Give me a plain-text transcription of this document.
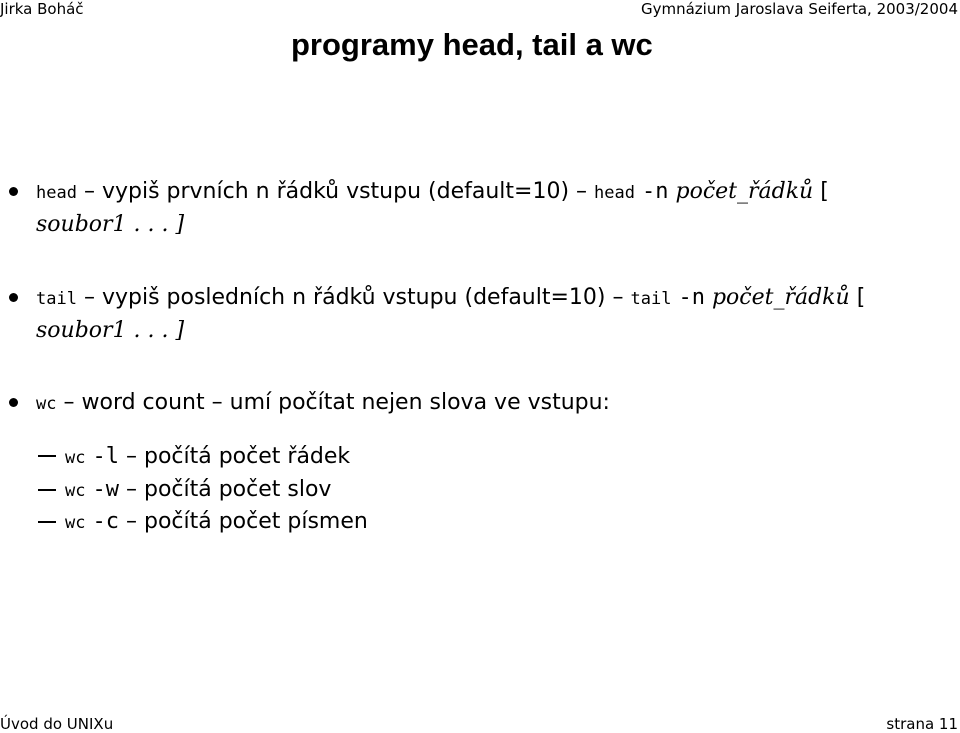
Jirka Boháč	Gymnázium Jaroslava Seiferta, 2003/2004
programy head, tail a wc
head – vypiš prvních n řádků vstupu (default=10) – head -n počet_řádků [
soubor1 . . . ]
tail – vypiš posledních n řádků vstupu (default=10) – tail -n počet_řádků [
soubor1 . . . ]
wc – word count – umí počítat nejen slova ve vstupu:
wc -l – počítá počet řádek
wc -w – počítá počet slov
wc -c – počítá počet písmen
Úvod do UNIXu	strana 11
